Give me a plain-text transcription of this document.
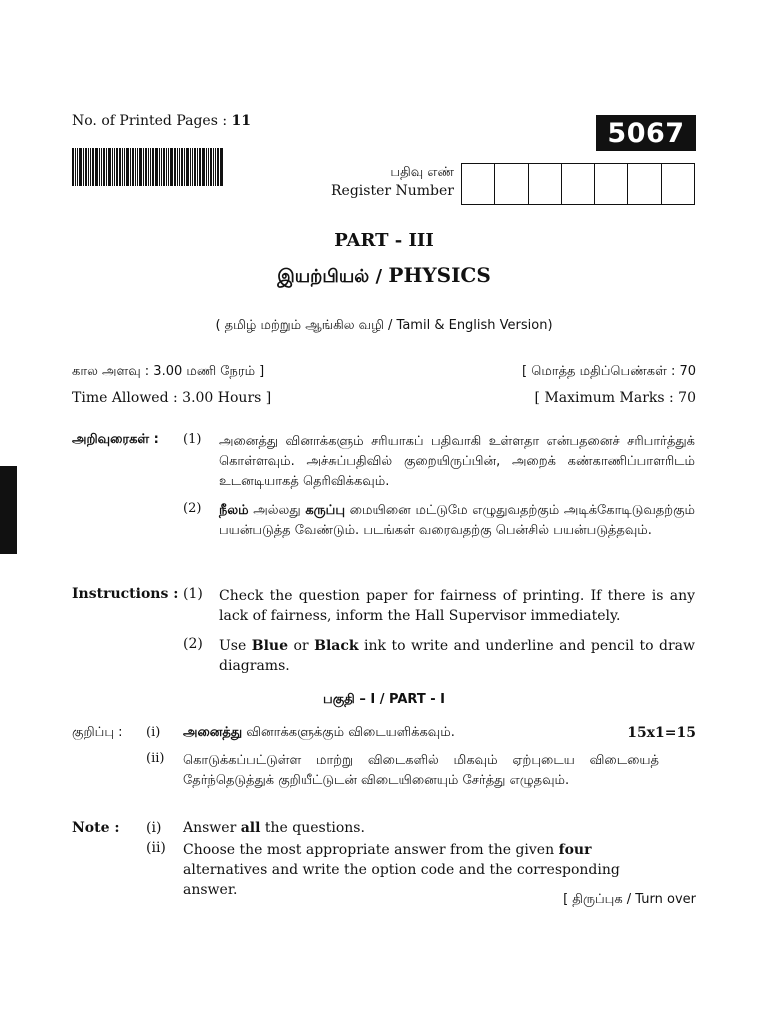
No. of Printed Pages : 11	5067
பதிவு எண்
Register Number
PART - III
இயற்பியல் / PHYSICS
( தமிழ் மற்றும் ஆங்கில வழி / Tamil & English Version)
கால அளவு : 3.00 மணி நேரம் ]	[ மொத்த மதிப்பெண்கள் : 70
Time Allowed : 3.00 Hours ]	[ Maximum Marks : 70
அறிவுரைகள் : (1) அனைத்து வினாக்களும் சரியாகப் பதிவாகி உள்ளதா என்பதனைச் சரிபார்த்துக் கொள்ளவும். அச்சுப்பதிவில் குறையிருப்பின், அறைக் கண்காணிப்பாளரிடம் உடனடியாகத் தெரிவிக்கவும்.
(2) நீலம் அல்லது கருப்பு மையினை மட்டுமே எழுதுவதற்கும் அடிக்கோடிடுவதற்கும் பயன்படுத்த வேண்டும். படங்கள் வரைவதற்கு பென்சில் பயன்படுத்தவும்.
Instructions : (1) Check the question paper for fairness of printing. If there is any lack of fairness, inform the Hall Supervisor immediately.
(2) Use Blue or Black ink to write and underline and pencil to draw diagrams.
பகுதி – I / PART - I
குறிப்பு : (i) அனைத்து வினாக்களுக்கும் விடையளிக்கவும்.	15x1=15
(ii) கொடுக்கப்பட்டுள்ள மாற்று விடைகளில் மிகவும் ஏற்புடைய விடையைத் தேர்ந்தெடுத்துக் குறியீட்டுடன் விடையினையும் சேர்த்து எழுதவும்.
Note : (i) Answer all the questions.
(ii) Choose the most appropriate answer from the given four alternatives and write the option code and the corresponding answer.
[ திருப்புக / Turn over
